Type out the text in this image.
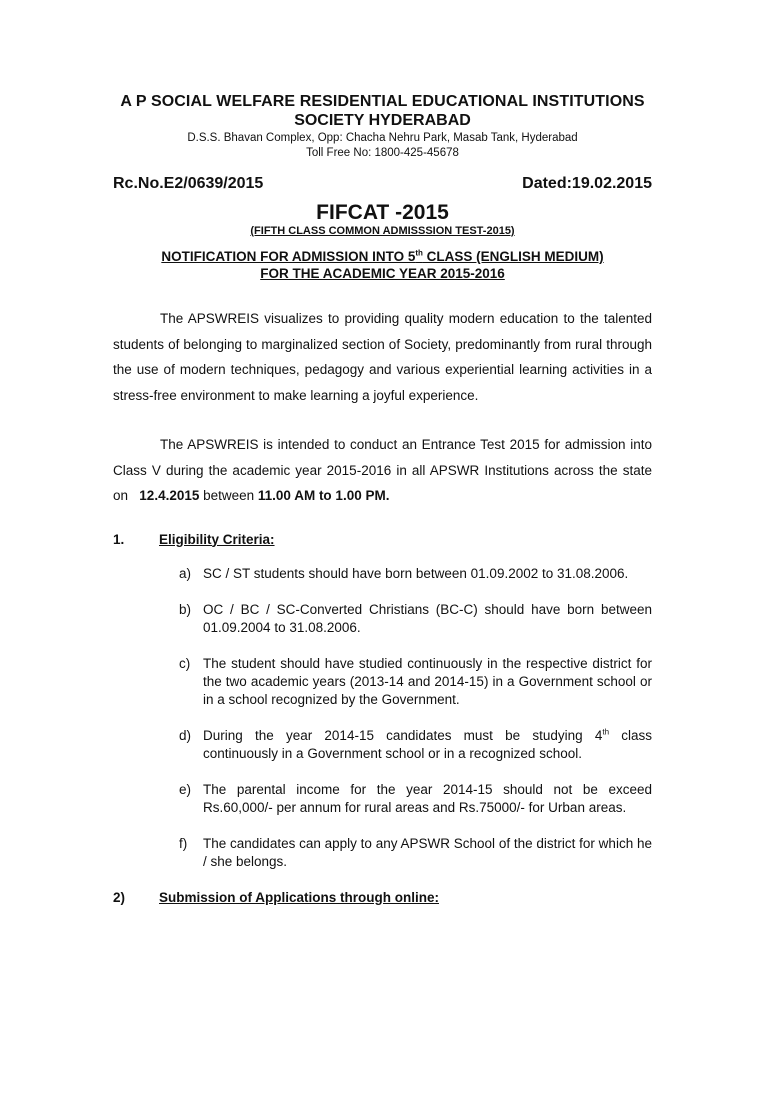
A P SOCIAL WELFARE RESIDENTIAL EDUCATIONAL INSTITUTIONS
SOCIETY HYDERABAD
D.S.S. Bhavan Complex, Opp: Chacha Nehru Park, Masab Tank, Hyderabad
Toll Free No: 1800-425-45678
Rc.No.E2/0639/2015	Dated:19.02.2015
FIFCAT -2015
(FIFTH CLASS COMMON ADMISSSION TEST-2015)
NOTIFICATION FOR ADMISSION INTO 5th CLASS (ENGLISH MEDIUM)
FOR THE ACADEMIC YEAR 2015-2016

The APSWREIS visualizes to providing quality modern education to the talented students of belonging to marginalized section of Society, predominantly from rural through the use of modern techniques, pedagogy and various experiential learning activities in a stress-free environment to make learning a joyful experience.

The APSWREIS is intended to conduct an Entrance Test 2015 for admission into Class V during the academic year 2015-2016 in all APSWR Institutions across the state on 12.4.2015 between 11.00 AM to 1.00 PM.

1.	Eligibility Criteria:
a) SC / ST students should have born between 01.09.2002 to 31.08.2006.
b) OC / BC / SC-Converted Christians (BC-C) should have born between 01.09.2004 to 31.08.2006.
c) The student should have studied continuously in the respective district for the two academic years (2013-14 and 2014-15) in a Government school or in a school recognized by the Government.
d) During the year 2014-15 candidates must be studying 4th class continuously in a Government school or in a recognized school.
e) The parental income for the year 2014-15 should not be exceed Rs.60,000/- per annum for rural areas and Rs.75000/- for Urban areas.
f)	The candidates can apply to any APSWR School of the district for which he / she belongs.
2)	Submission of Applications through online:
